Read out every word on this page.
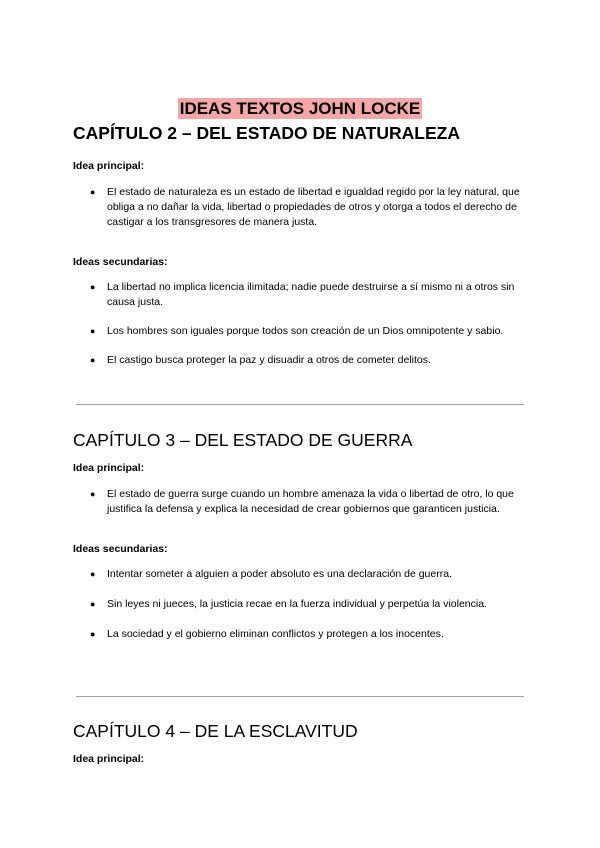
IDEAS TEXTOS JOHN LOCKE
CAPÍTULO 2 – DEL ESTADO DE NATURALEZA

Idea principal:

● El estado de naturaleza es un estado de libertad e igualdad regido por la ley natural, que obliga a no dañar la vida, libertad o propiedades de otros y otorga a todos el derecho de castigar a los transgresores de manera justa.

Ideas secundarias:

● La libertad no implica licencia ilimitada; nadie puede destruirse a sí mismo ni a otros sin causa justa.
● Los hombres son iguales porque todos son creación de un Dios omnipotente y sabio.
● El castigo busca proteger la paz y disuadir a otros de cometer delitos.
CAPÍTULO 3 – DEL ESTADO DE GUERRA

Idea principal:

● El estado de guerra surge cuando un hombre amenaza la vida o libertad de otro, lo que justifica la defensa y explica la necesidad de crear gobiernos que garanticen justicia.

Ideas secundarias:

● Intentar someter a alguien a poder absoluto es una declaración de guerra.
● Sin leyes ni jueces, la justicia recae en la fuerza individual y perpetúa la violencia.
● La sociedad y el gobierno eliminan conflictos y protegen a los inocentes.
CAPÍTULO 4 – DE LA ESCLAVITUD

Idea principal:
